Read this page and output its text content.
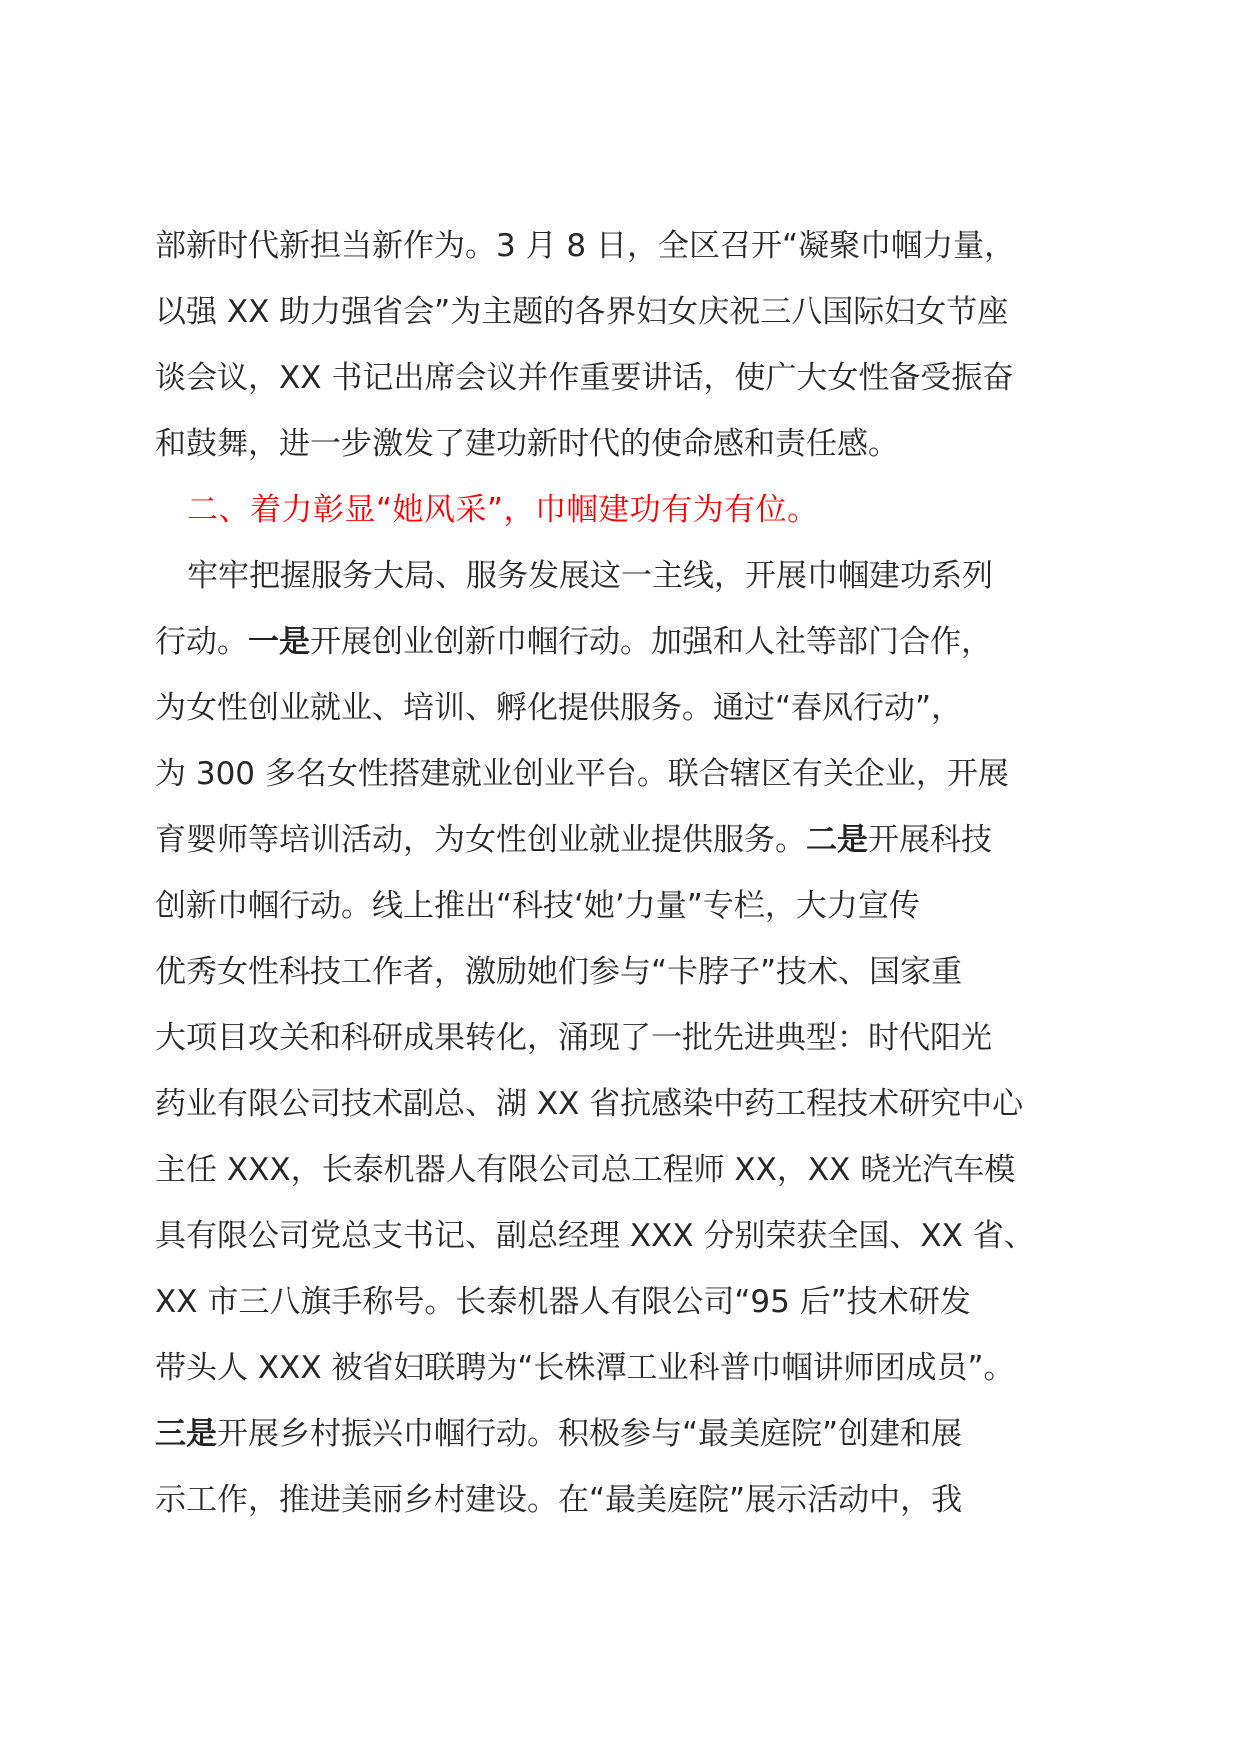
部新时代新担当新作为。3 月 8 日，全区召开“凝聚巾帼力量，
以强 XX 助力强省会”为主题的各界妇女庆祝三八国际妇女节座
谈会议，XX 书记出席会议并作重要讲话，使广大女性备受振奋
和鼓舞，进一步激发了建功新时代的使命感和责任感。
二、着力彰显“她风采”，巾帼建功有为有位。
牢牢把握服务大局、服务发展这一主线，开展巾帼建功系列
行动。一是开展创业创新巾帼行动。加强和人社等部门合作，
为女性创业就业、培训、孵化提供服务。通过“春风行动”，
为 300 多名女性搭建就业创业平台。联合辖区有关企业，开展
育婴师等培训活动，为女性创业就业提供服务。二是开展科技
创新巾帼行动。线上推出“科技‘她’力量”专栏，大力宣传
优秀女性科技工作者，激励她们参与“卡脖子”技术、国家重
大项目攻关和科研成果转化，涌现了一批先进典型：时代阳光
药业有限公司技术副总、湖 XX 省抗感染中药工程技术研究中心
主任 XXX，长泰机器人有限公司总工程师 XX，XX 晓光汽车模
具有限公司党总支书记、副总经理 XXX 分别荣获全国、XX 省、
XX 市三八旗手称号。长泰机器人有限公司“95 后”技术研发
带头人 XXX 被省妇联聘为“长株潭工业科普巾帼讲师团成员”。
三是开展乡村振兴巾帼行动。积极参与“最美庭院”创建和展
示工作，推进美丽乡村建设。在“最美庭院”展示活动中，我
